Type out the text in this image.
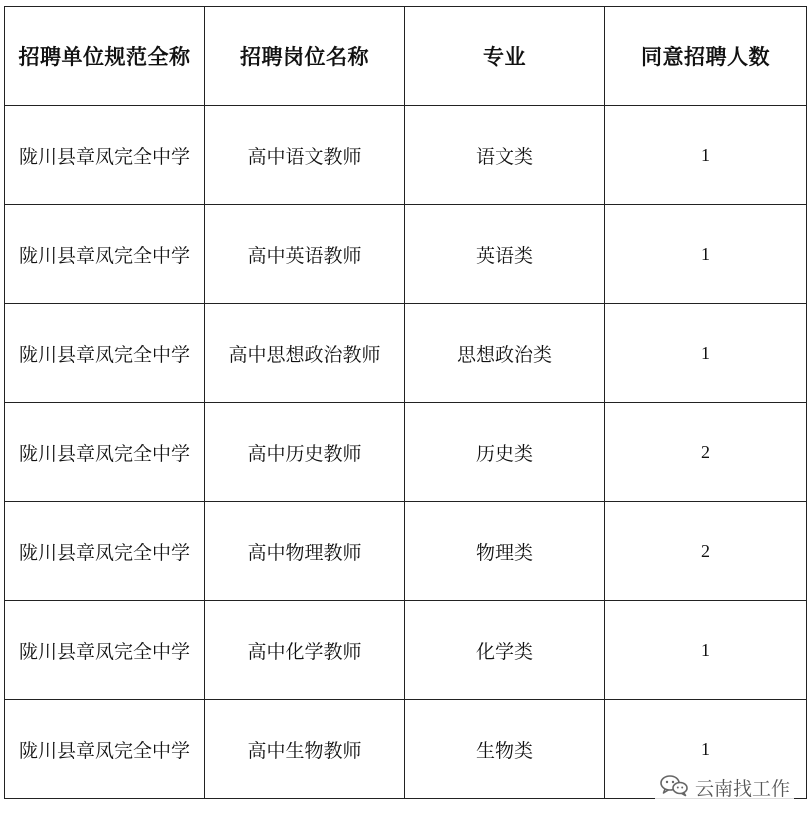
招聘单位规范全称	招聘岗位名称	专业	同意招聘人数
陇川县章凤完全中学	高中语文教师	语文类	1
陇川县章凤完全中学	高中英语教师	英语类	1
陇川县章凤完全中学	高中思想政治教师	思想政治类	1
陇川县章凤完全中学	高中历史教师	历史类	2
陇川县章凤完全中学	高中物理教师	物理类	2
陇川县章凤完全中学	高中化学教师	化学类	1
陇川县章凤完全中学	高中生物教师	生物类	1
云南找工作
